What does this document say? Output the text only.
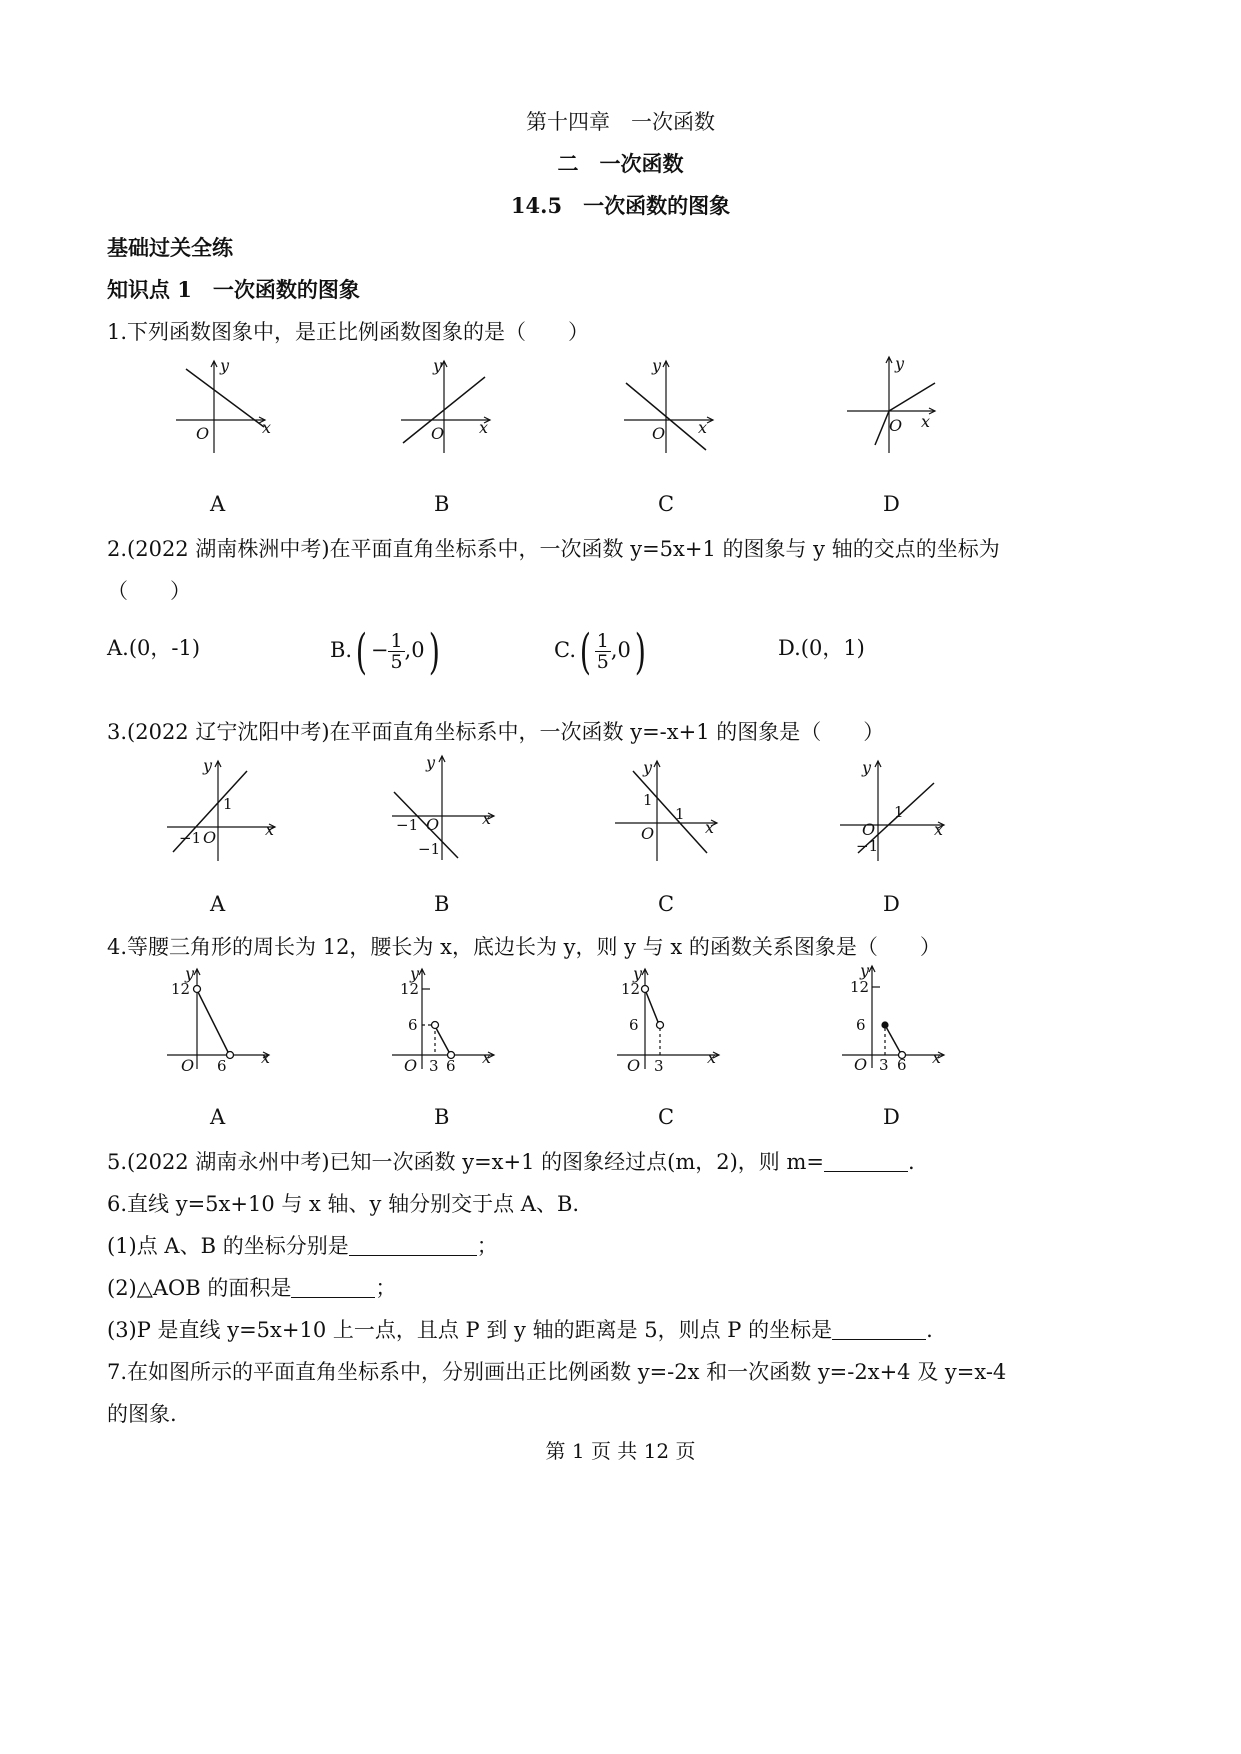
第十四章　一次函数
二　一次函数
14.5　一次函数的图象
基础过关全练
知识点 1　一次函数的图象
1.下列函数图象中，是正比例函数图象的是（　　）
y
x
O
y
x
O
y
x
O
y
x
O
A	B	C	D
2.(2022 湖南株洲中考)在平面直角坐标系中，一次函数 y=5x+1 的图象与 y 轴的交点的坐标为
（　　）
A.(0，-1)	$B.( - \frac{1}{5} ,0)$	$C.( \frac{1}{5} ,0)$	D.(0，1)
3.(2022 辽宁沈阳中考)在平面直角坐标系中，一次函数 y=-x+1 的图象是（　　）
y
x
O
1
−1
y
x
O
−1
−1
y
x
O
1
1
y
x
O
1
−1
A	B	C	D
4.等腰三角形的周长为 12，腰长为 x，底边长为 y，则 y 与 x 的函数关系图象是（　　）
y
x
O
12
6
y
x
O
12
6
3 6
y
x
O
12
6
3
y
x
O
12
6
3 6
A	B	C	D
5.(2022 湖南永州中考)已知一次函数 y=x+1 的图象经过点(m，2)，则 m=	.
6.直线 y=5x+10 与 x 轴、y 轴分别交于点 A、B.
(1)点 A、B 的坐标分别是	；
(2)△AOB 的面积是	；
(3)P 是直线 y=5x+10 上一点，且点 P 到 y 轴的距离是 5，则点 P 的坐标是	.
7.在如图所示的平面直角坐标系中，分别画出正比例函数 y=-2x 和一次函数 y=-2x+4 及 y=x-4
的图象.
第 1 页 共 12 页
